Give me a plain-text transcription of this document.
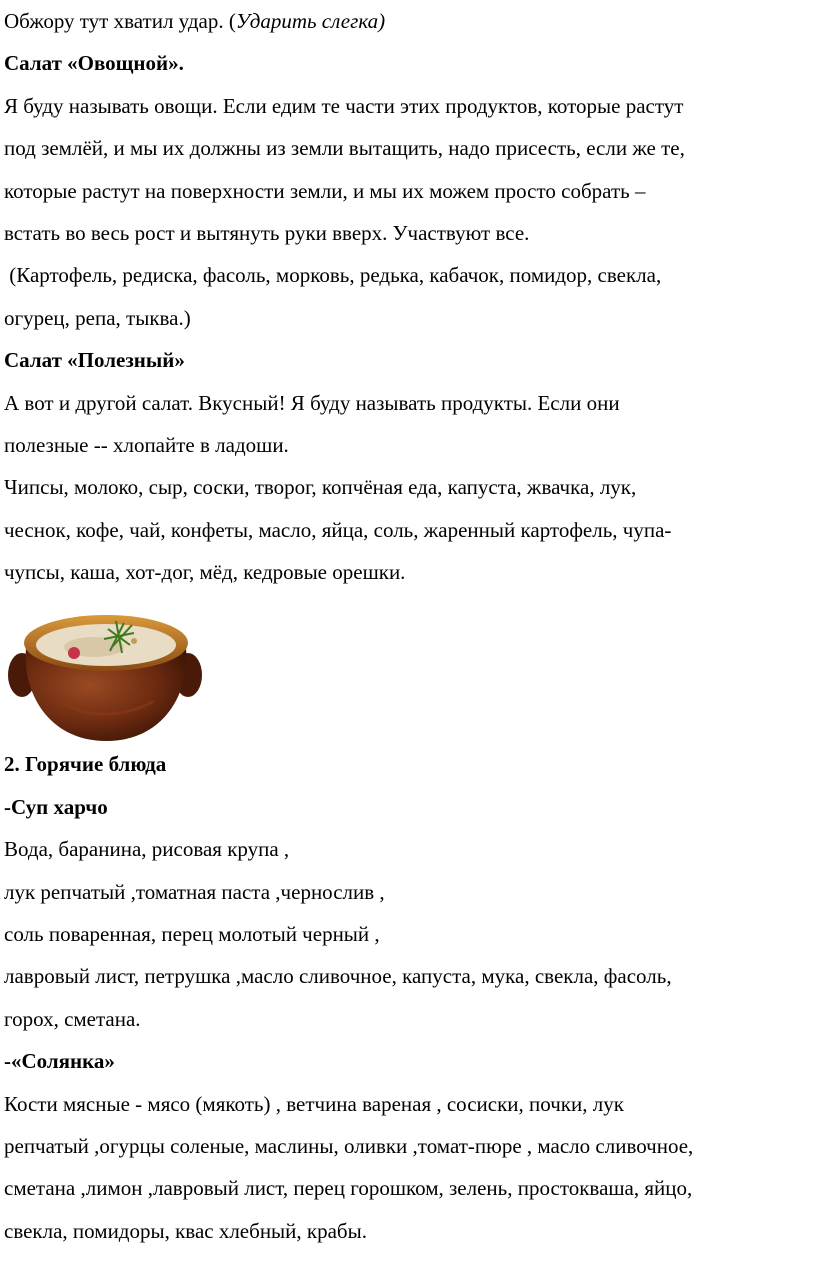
Обжору тут хватил удар. (Ударить слегка)
Салат «Овощной».
Я буду называть овощи. Если едим те части этих продуктов, которые растут
под землёй, и мы их должны из земли вытащить, надо присесть, если же те,
которые растут на поверхности земли, и мы их можем просто собрать –
встать во весь рост и вытянуть руки вверх. Участвуют все.
(Картофель, редиска, фасоль, морковь, редька, кабачок, помидор, свекла,
огурец, репа, тыква.)
Салат «Полезный»
А вот и другой салат. Вкусный! Я буду называть продукты. Если они
полезные -- хлопайте в ладоши.
Чипсы, молоко, сыр, соски, творог, копчёная еда, капуста, жвачка, лук,
чеснок, кофе, чай, конфеты, масло, яйца, соль, жаренный картофель, чупа-
чупсы, каша, хот-дог, мёд, кедровые орешки.
2. Горячие блюда
-Суп харчо
Вода, баранина, рисовая крупа ,
лук репчатый ,томатная паста ,чернослив ,
соль поваренная, перец молотый черный ,
лавровый лист, петрушка ,масло сливочное, капуста, мука, свекла, фасоль,
горох, сметана.
-«Солянка»
Кости мясные - мясо (мякоть) , ветчина вареная , сосиски, почки, лук
репчатый ,огурцы соленые, маслины, оливки ,томат-пюре , масло сливочное,
сметана ,лимон ,лавровый лист, перец горошком, зелень, простокваша, яйцо,
свекла, помидоры, квас хлебный, крабы.
